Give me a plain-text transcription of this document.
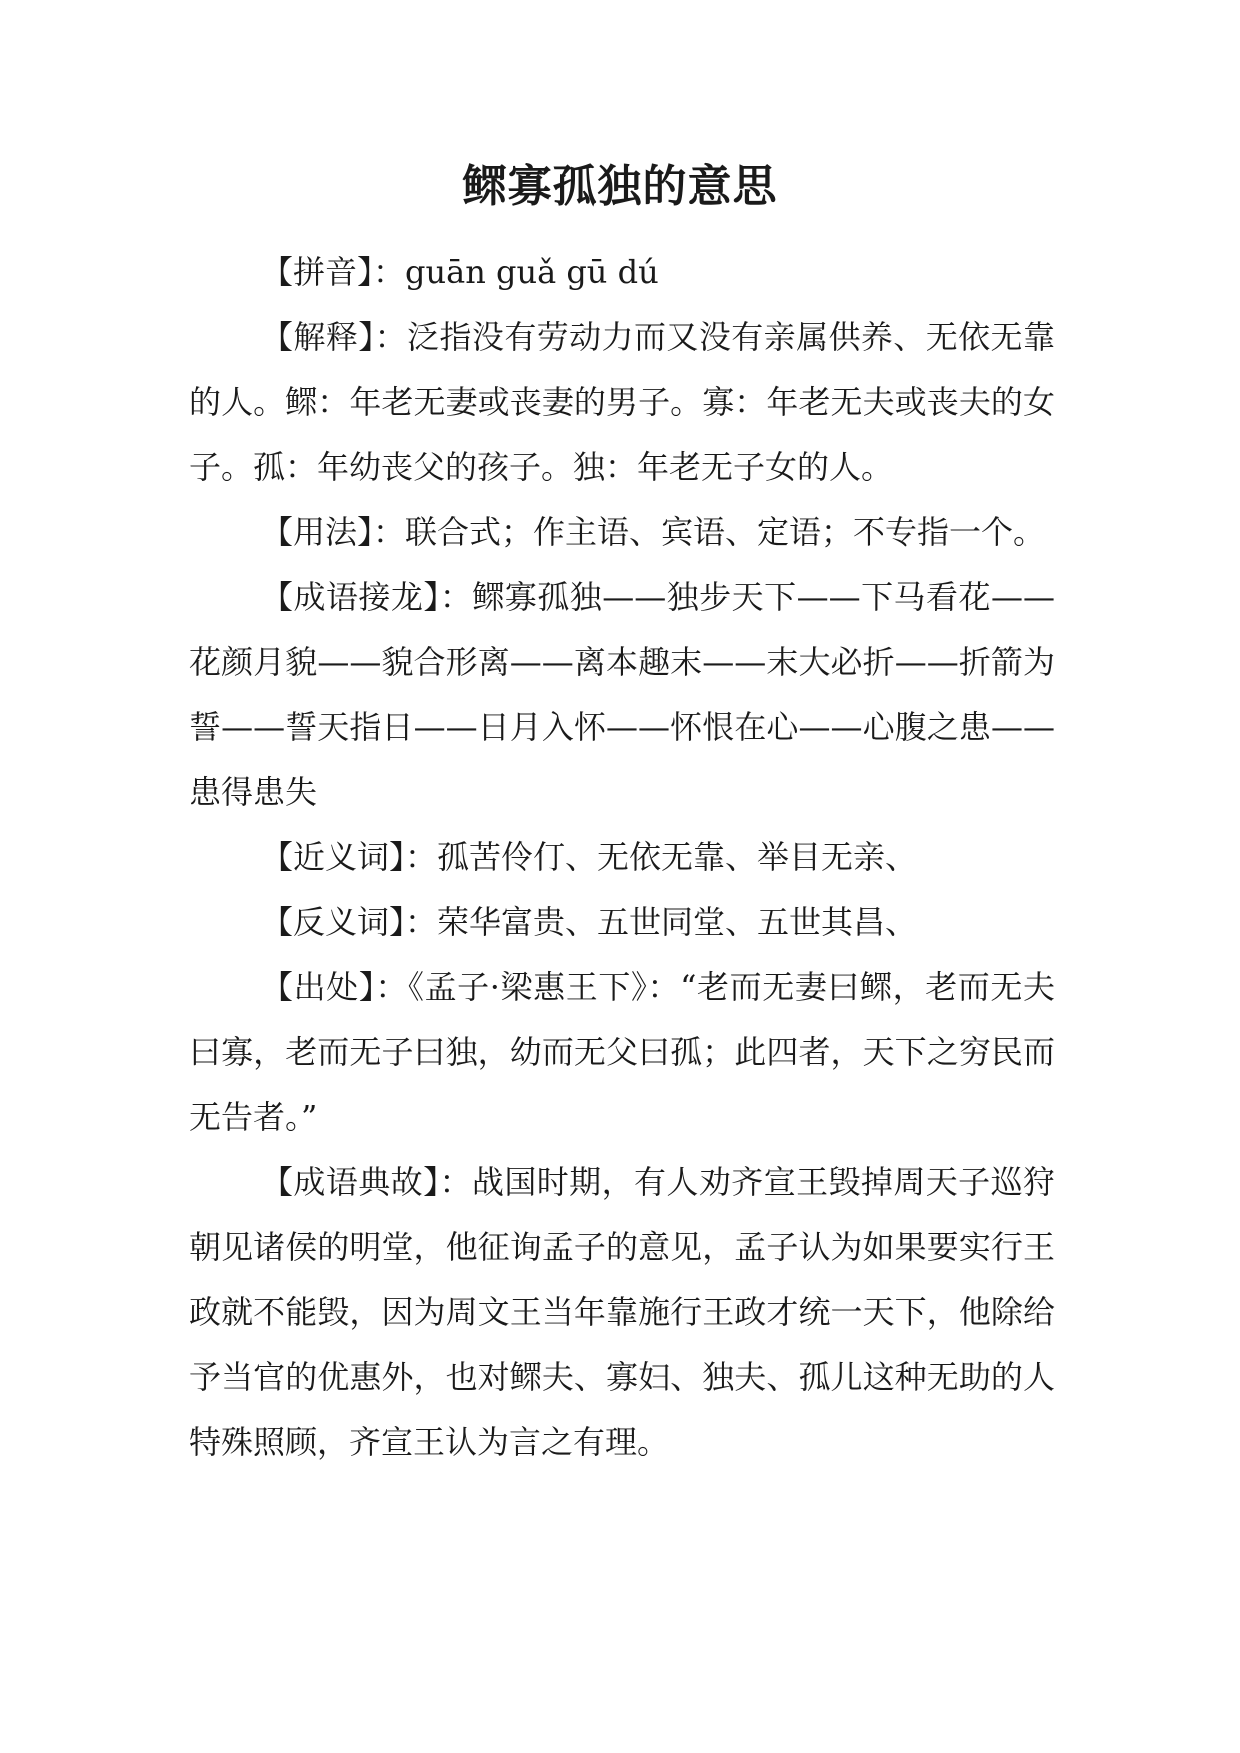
鳏寡孤独的意思

【拼音】：guān guǎ gū dú

【解释】：泛指没有劳动力而又没有亲属供养、无依无靠的人。鳏：年老无妻或丧妻的男子。寡：年老无夫或丧夫的女子。孤：年幼丧父的孩子。独：年老无子女的人。

【用法】：联合式；作主语、宾语、定语；不专指一个。

【成语接龙】：鳏寡孤独——独步天下——下马看花——花颜月貌——貌合形离——离本趣末——末大必折——折箭为誓——誓天指日——日月入怀——怀恨在心——心腹之患——患得患失

【近义词】：孤苦伶仃、无依无靠、举目无亲、

【反义词】：荣华富贵、五世同堂、五世其昌、

【出处】：《孟子·梁惠王下》：“老而无妻曰鳏，老而无夫曰寡，老而无子曰独，幼而无父曰孤；此四者，天下之穷民而无告者。”

【成语典故】：战国时期，有人劝齐宣王毁掉周天子巡狩朝见诸侯的明堂，他征询孟子的意见，孟子认为如果要实行王政就不能毁，因为周文王当年靠施行王政才统一天下，他除给予当官的优惠外，也对鳏夫、寡妇、独夫、孤儿这种无助的人特殊照顾，齐宣王认为言之有理。
